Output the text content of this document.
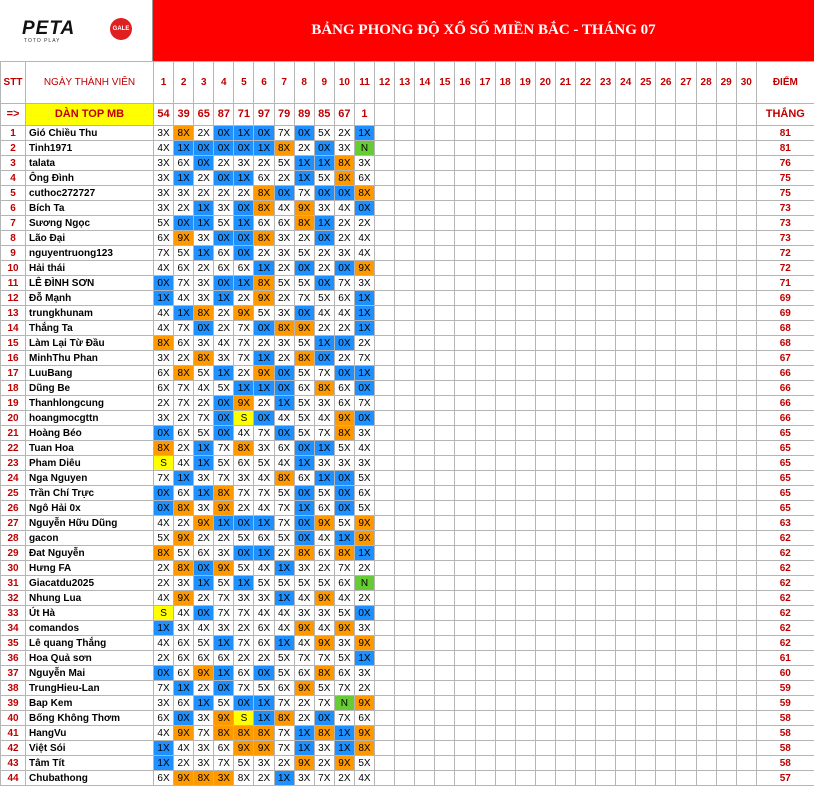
PETA	GALE
TOTO PLAY
BẢNG PHONG ĐỘ XỔ SỐ MIỀN BẮC - THÁNG 07
STT	NGÀY THÀNH VIÊN	1	2	3	4	5	6	7	8	9	10	11	12	13	14	15	16	17	18	19	20	21	22	23	24	25	26	27	28	29	30	ĐIỂM
=>	DÀN TOP MB	54	39	65	87	71	97	79	89	85	67	1																				THẮNG
1	Gió Chiều Thu	3X	8X	2X	0X	1X	0X	7X	0X	5X	2X	1X																				81
2	Tinh1971	4X	1X	0X	0X	0X	1X	8X	2X	0X	3X	N																				81
3	talata	3X	6X	0X	2X	3X	2X	5X	1X	1X	8X	3X																				76
4	Ông Đình	3X	1X	2X	0X	1X	6X	2X	1X	5X	8X	6X																				75
5	cuthoc272727	3X	3X	2X	2X	2X	8X	0X	7X	0X	0X	8X																				75
6	Bích Ta	3X	2X	1X	3X	0X	8X	4X	9X	3X	4X	0X																				73
7	Sương Ngọc	5X	0X	1X	5X	1X	6X	6X	8X	1X	2X	2X																				73
8	Lão Đại	6X	9X	3X	0X	0X	8X	3X	2X	0X	2X	4X																				73
9	nguyentruong123	7X	5X	1X	6X	0X	2X	3X	5X	2X	3X	4X																				72
10	Hải thái	4X	6X	2X	6X	6X	1X	2X	0X	2X	0X	9X																				72
11	LÊ ĐÌNH SƠN	0X	7X	3X	0X	1X	8X	5X	5X	0X	7X	3X																				71
12	Đỗ Mạnh	1X	4X	3X	1X	2X	9X	2X	7X	5X	6X	1X																				69
13	trungkhunam	4X	1X	8X	2X	9X	5X	3X	0X	4X	4X	1X																				69
14	Thắng Ta	4X	7X	0X	2X	7X	0X	8X	9X	2X	2X	1X																				68
15	Làm Lại Từ Đầu	8X	6X	3X	4X	7X	2X	3X	5X	1X	0X	2X																				68
16	MinhThu Phan	3X	2X	8X	3X	7X	1X	2X	8X	0X	2X	7X																				67
17	LuuBang	6X	8X	5X	1X	2X	9X	0X	5X	7X	0X	1X																				66
18	Dũng Be	6X	7X	4X	5X	1X	1X	0X	6X	8X	6X	0X																				66
19	Thanhlongcung	2X	7X	2X	0X	9X	2X	1X	5X	3X	6X	7X																				66
20	hoangmocgttn	3X	2X	7X	0X	S	0X	4X	5X	4X	9X	0X																				66
21	Hoàng Béo	0X	6X	5X	0X	4X	7X	0X	5X	7X	8X	3X																				65
22	Tuan Hoa	8X	2X	1X	7X	8X	3X	6X	0X	1X	5X	4X																				65
23	Pham Diêu	S	4X	1X	5X	6X	5X	4X	1X	3X	3X	3X																				65
24	Nga Nguyen	7X	1X	3X	7X	3X	4X	8X	6X	1X	0X	5X																				65
25	Trần Chí Trực	0X	6X	1X	8X	7X	7X	5X	0X	5X	0X	6X																				65
26	Ngô Hải 0x	0X	8X	3X	9X	2X	4X	7X	1X	6X	0X	5X																				65
27	Nguyễn Hữu Dũng	4X	2X	9X	1X	0X	1X	7X	0X	9X	5X	9X																				63
28	gacon	5X	9X	2X	2X	5X	6X	5X	0X	4X	1X	9X																				62
29	Đat Nguyễn	8X	5X	6X	3X	0X	1X	2X	8X	6X	8X	1X																				62
30	Hưng FA	2X	8X	0X	9X	5X	4X	1X	3X	2X	7X	2X																				62
31	Giacatdu2025	2X	3X	1X	5X	1X	5X	5X	5X	5X	6X	N																				62
32	Nhung Lua	4X	9X	2X	7X	3X	3X	1X	4X	9X	4X	2X																				62
33	Út Hà	S	4X	0X	7X	7X	4X	4X	3X	3X	5X	0X																				62
34	comandos	1X	3X	4X	3X	2X	6X	4X	9X	4X	9X	3X																				62
35	Lê quang Thắng	4X	6X	5X	1X	7X	6X	1X	4X	9X	3X	9X																				62
36	Hoa Quả sơn	2X	6X	6X	6X	2X	2X	5X	7X	7X	5X	1X																				61
37	Nguyễn Mai	0X	6X	9X	1X	6X	0X	5X	6X	8X	6X	3X																				60
38	TrungHieu-Lan	7X	1X	2X	0X	7X	5X	6X	9X	5X	7X	2X																				59
39	Bap Kem	3X	6X	1X	5X	0X	1X	7X	2X	7X	N	9X																				59
40	Bống Không Thơm	6X	0X	3X	9X	S	1X	8X	2X	0X	7X	6X																				58
41	HangVu	4X	9X	7X	8X	8X	8X	7X	1X	8X	1X	9X																				58
42	Việt Sói	1X	4X	3X	6X	9X	9X	7X	1X	3X	1X	8X																				58
43	Tâm Tít	1X	2X	3X	7X	5X	3X	2X	9X	2X	9X	5X																				58
44	Chubathong	6X	9X	8X	3X	8X	2X	1X	3X	7X	2X	4X																				57
